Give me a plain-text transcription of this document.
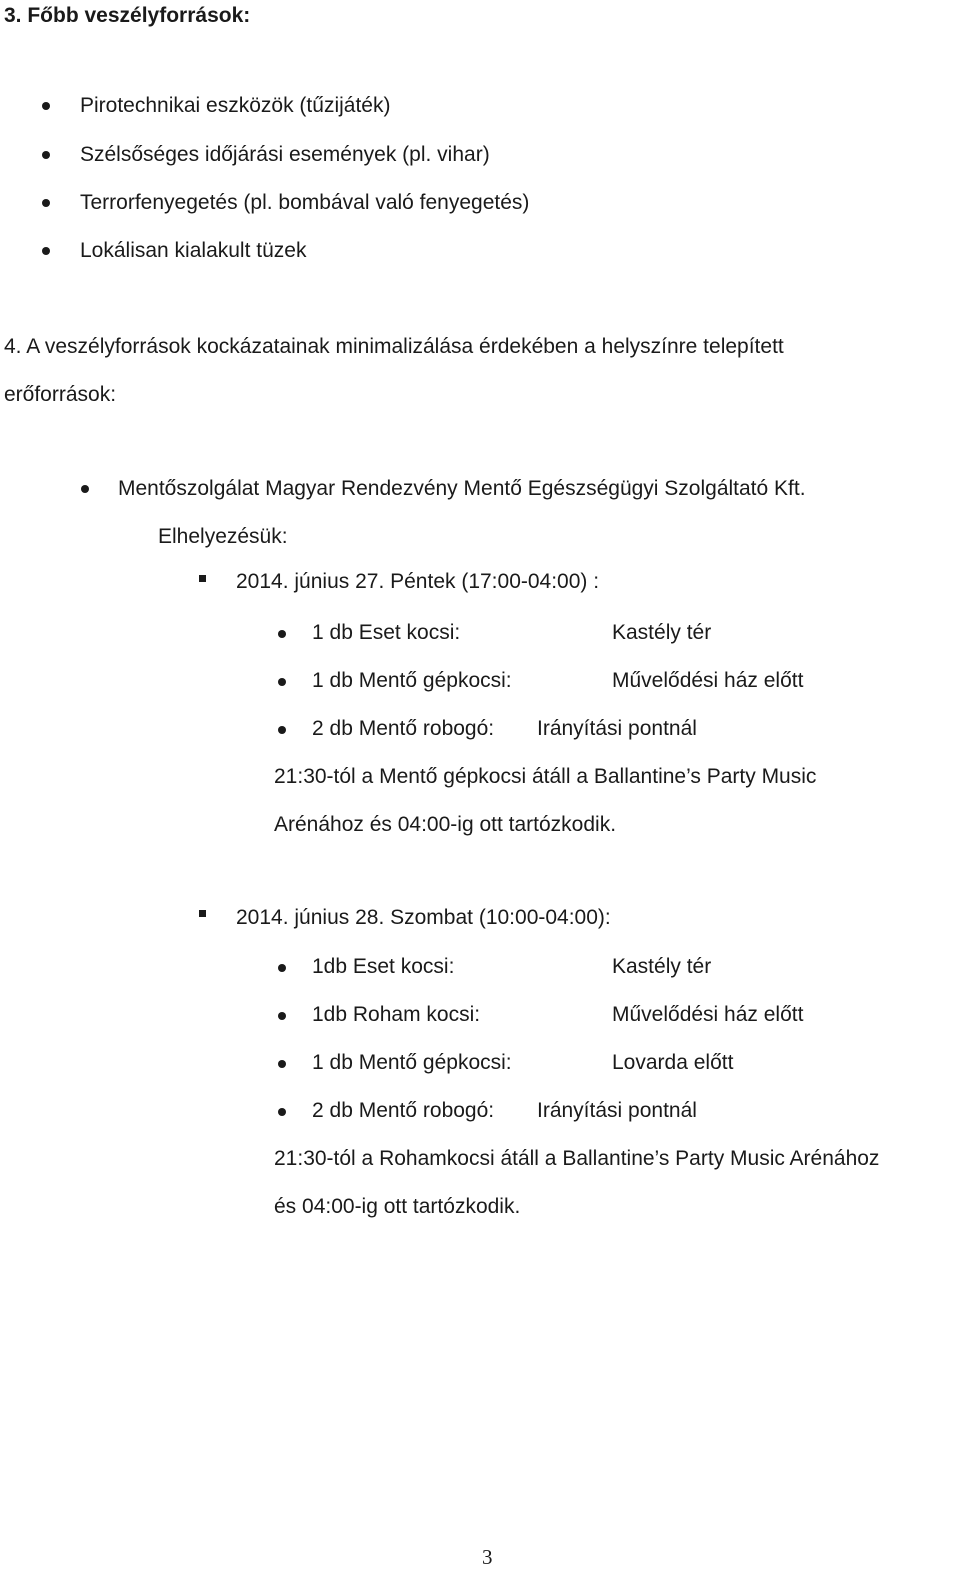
3. Főbb veszélyforrások:
Pirotechnikai eszközök (tűzijáték)
Szélsőséges időjárási események (pl. vihar)
Terrorfenyegetés (pl. bombával való fenyegetés)
Lokálisan kialakult tüzek
4. A veszélyforrások kockázatainak minimalizálása érdekében a helyszínre telepített
erőforrások:
Mentőszolgálat Magyar Rendezvény Mentő Egészségügyi Szolgáltató Kft.
Elhelyezésük:
2014. június 27. Péntek (17:00-04:00) :
1 db Eset kocsi:	Kastély tér
1 db Mentő gépkocsi:	Művelődési ház előtt
2 db Mentő robogó: Irányítási pontnál
21:30-tól a Mentő gépkocsi átáll a Ballantine’s Party Music
Arénához és 04:00-ig ott tartózkodik.
2014. június 28. Szombat (10:00-04:00):
1db Eset kocsi:	Kastély tér
1db Roham kocsi:	Művelődési ház előtt
1 db Mentő gépkocsi:	Lovarda előtt
2 db Mentő robogó: Irányítási pontnál
21:30-tól a Rohamkocsi átáll a Ballantine’s Party Music Arénához
és 04:00-ig ott tartózkodik.
3
